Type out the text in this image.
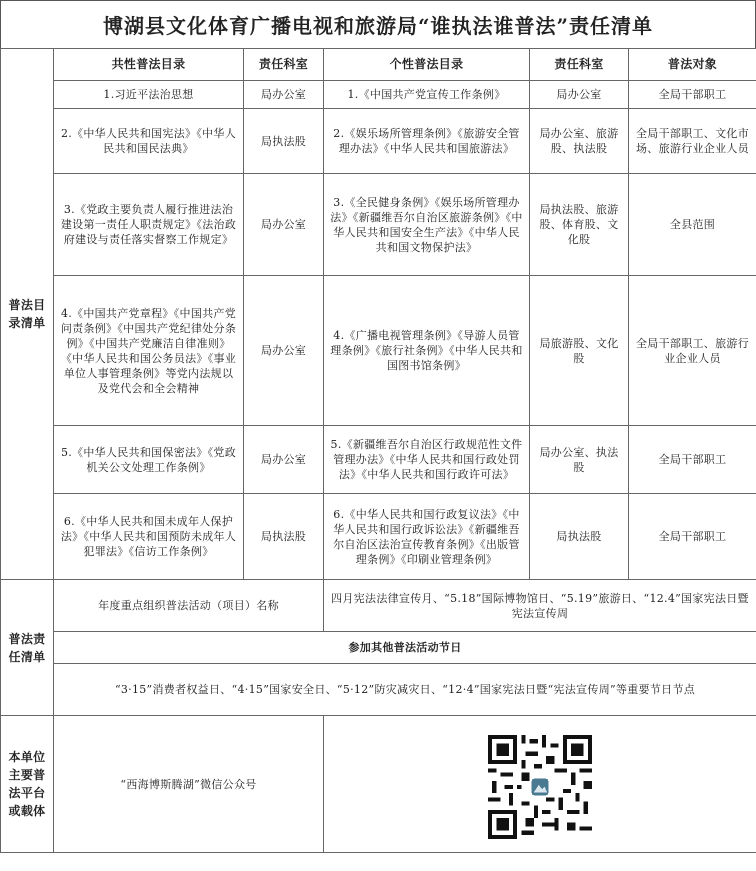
博湖县文化体育广播电视和旅游局“谁执法谁普法”责任清单
普法目录清单	共性普法目录	责任科室	个性普法目录	责任科室	普法对象
	1.习近平法治思想	局办公室	1.《中国共产党宣传工作条例》	局办公室	全局干部职工
	2.《中华人民共和国宪法》《中华人民共和国民法典》	局执法股	2.《娱乐场所管理条例》《旅游安全管理办法》《中华人民共和国旅游法》	局办公室、旅游股、执法股	全局干部职工、文化市场、旅游行业企业人员
	3.《党政主要负责人履行推进法治建设第一责任人职责规定》《法治政府建设与责任落实督察工作规定》	局办公室	3.《全民健身条例》《娱乐场所管理办法》《新疆维吾尔自治区旅游条例》《中华人民共和国安全生产法》《中华人民共和国文物保护法》	局执法股、旅游股、体育股、文化股	全县范围
	4.《中国共产党章程》《中国共产党问责条例》《中国共产党纪律处分条例》《中国共产党廉洁自律准则》《中华人民共和国公务员法》《事业单位人事管理条例》等党内法规以及党代会和全会精神	局办公室	4.《广播电视管理条例》《导游人员管理条例》《旅行社条例》《中华人民共和国图书馆条例》	局旅游股、文化股	全局干部职工、旅游行业企业人员
	5.《中华人民共和国保密法》《党政机关公文处理工作条例》	局办公室	5.《新疆维吾尔自治区行政规范性文件管理办法》《中华人民共和国行政处罚法》《中华人民共和国行政许可法》	局办公室、执法股	全局干部职工
	6.《中华人民共和国未成年人保护法》《中华人民共和国预防未成年人犯罪法》《信访工作条例》	局执法股	6.《中华人民共和国行政复议法》《中华人民共和国行政诉讼法》《新疆维吾尔自治区法治宣传教育条例》《出版管理条例》《印刷业管理条例》	局执法股	全局干部职工
普法责任清单	年度重点组织普法活动（项目）名称		四月宪法法律宣传月、“5.18”国际博物馆日、“5.19”旅游日、“12.4”国家宪法日暨宪法宣传周		
	参加其他普法活动节日				
	“3·15”消费者权益日、“4·15”国家安全日、“5·12”防灾减灾日、“12·4”国家宪法日暨“宪法宣传周”等重要节日节点				
本单位主要普法平台或载体	“西海博斯腾湖”微信公众号	
